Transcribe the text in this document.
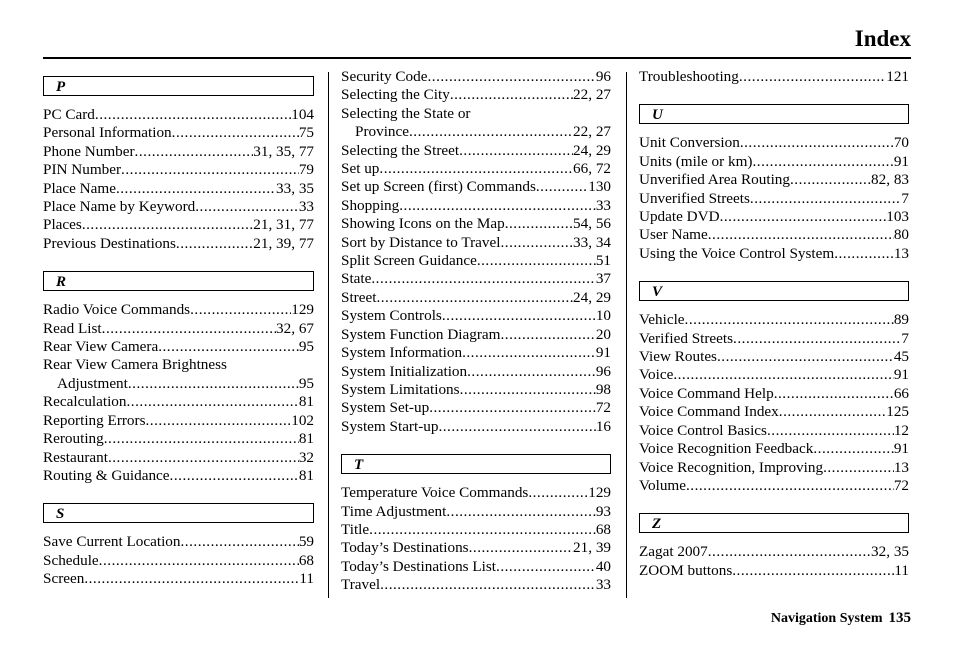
Index
P
PC Card .....	104
Personal Information .....	75
Phone Number .....	31, 35, 77
PIN Number .....	79
Place Name .....	33, 35
Place Name by Keyword .....	33
Places .....	21, 31, 77
Previous Destinations .....	21, 39, 77
R
Radio Voice Commands .....	129
Read List .....	32, 67
Rear View Camera .....	95
Rear View Camera Brightness
Adjustment .....	95
Recalculation .....	81
Reporting Errors .....	102
Rerouting .....	81
Restaurant .....	32
Routing & Guidance .....	81
S
Save Current Location .....	59
Schedule .....	68
Screen .....	11
Security Code .....	96
Selecting the City .....	22, 27
Selecting the State or
Province .....	22, 27
Selecting the Street .....	24, 29
Set up .....	66, 72
Set up Screen (first) Commands .....	130
Shopping .....	33
Showing Icons on the Map .....	54, 56
Sort by Distance to Travel .....	33, 34
Split Screen Guidance .....	51
State .....	37
Street .....	24, 29
System Controls .....	10
System Function Diagram .....	20
System Information .....	91
System Initialization .....	96
System Limitations .....	98
System Set-up .....	72
System Start-up .....	16
T
Temperature Voice Commands .....	129
Time Adjustment .....	93
Title .....	68
Today’s Destinations .....	21, 39
Today’s Destinations List .....	40
Travel .....	33
Troubleshooting .....	121
U
Unit Conversion .....	70
Units (mile or km) .....	91
Unverified Area Routing .....	82, 83
Unverified Streets .....	7
Update DVD .....	103
User Name .....	80
Using the Voice Control System .....	13
V
Vehicle .....	89
Verified Streets .....	7
View Routes .....	45
Voice .....	91
Voice Command Help .....	66
Voice Command Index .....	125
Voice Control Basics .....	12
Voice Recognition Feedback .....	91
Voice Recognition, Improving .....	13
Volume .....	72
Z
Zagat 2007 .....	32, 35
ZOOM buttons .....	11
Navigation System 135
